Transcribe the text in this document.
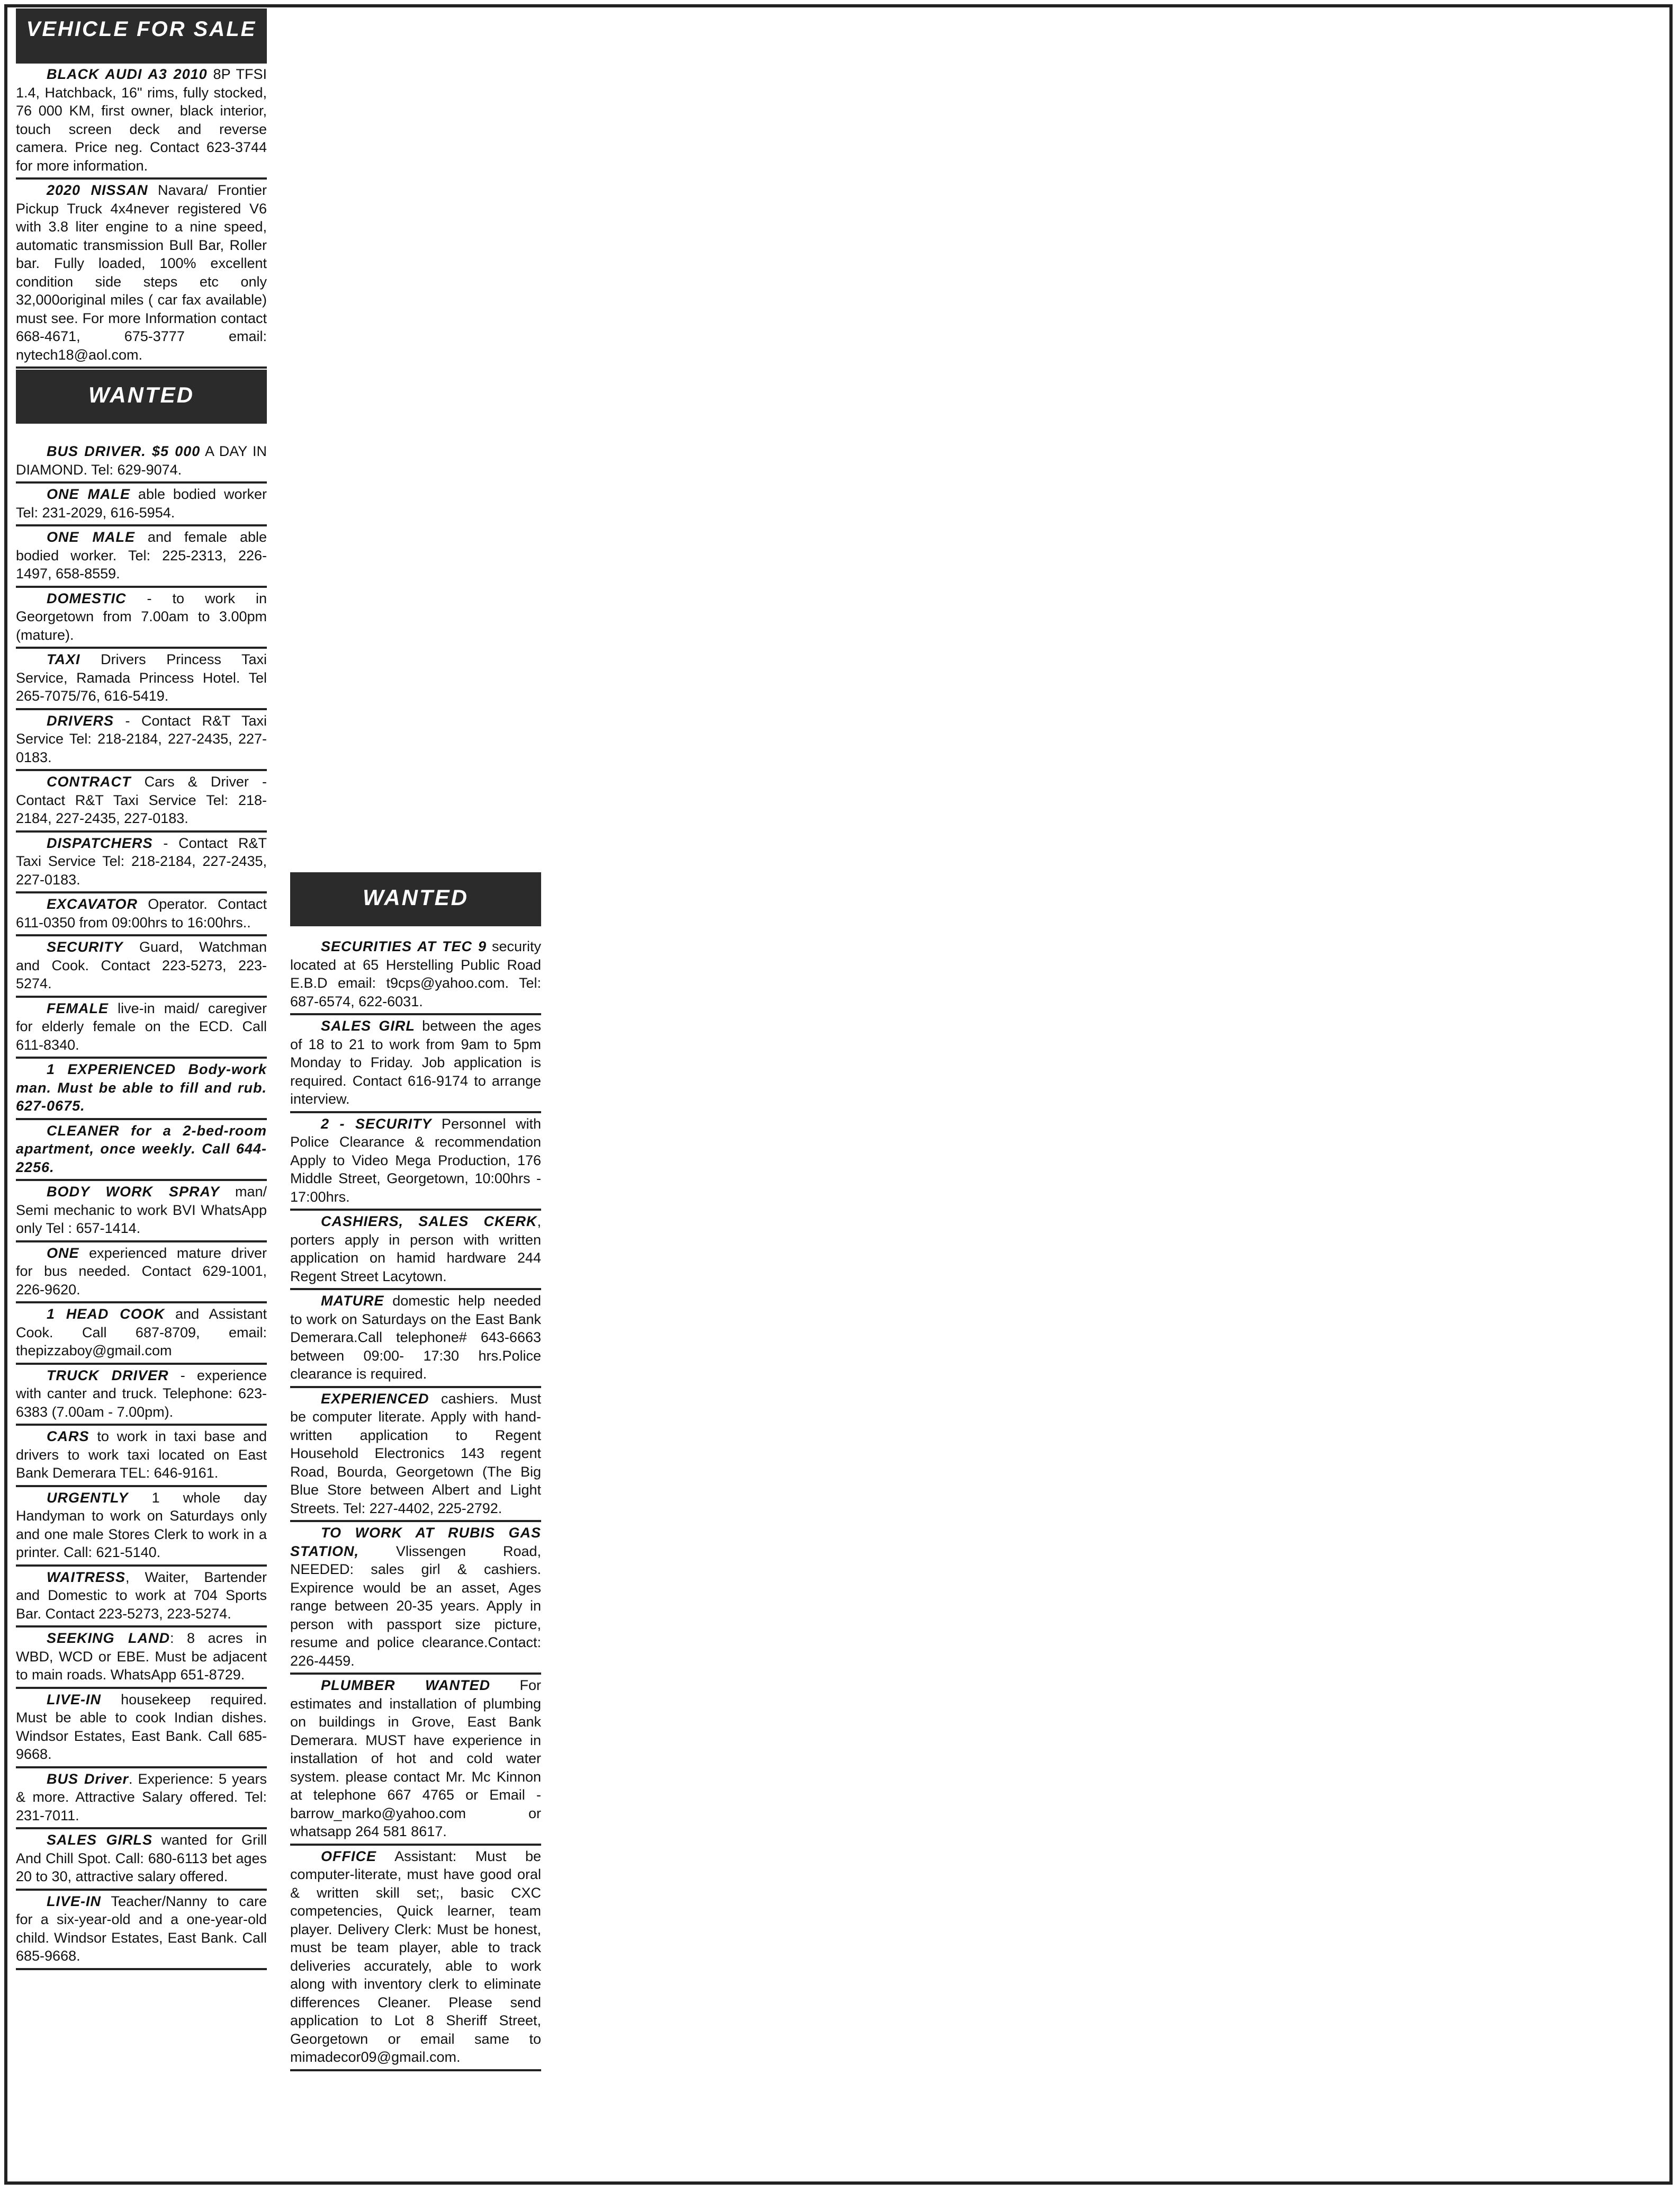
VEHICLE FOR SALE
BLACK AUDI A3 2010 8P TFSI 1.4, Hatchback, 16" rims, fully stocked, 76 000 KM, first owner, black interior, touch screen deck and reverse camera. Price neg. Contact 623-3744 for more information.
2020 NISSAN Navara/ Frontier Pickup Truck 4x4never registered V6 with 3.8 liter engine to a nine speed, automatic transmission Bull Bar, Roller bar. Fully loaded, 100% excellent condition side steps etc only 32,000original miles ( car fax available) must see. For more Information contact 668-4671, 675-3777 email: nytech18@aol.com.
WANTED
BUS DRIVER. $5 000 A DAY IN DIAMOND. Tel: 629-9074.
ONE MALE able bodied worker Tel: 231-2029, 616-5954.
ONE MALE and female able bodied worker. Tel: 225-2313, 226-1497, 658-8559.
DOMESTIC - to work in Georgetown from 7.00am to 3.00pm (mature).
TAXI Drivers Princess Taxi Service, Ramada Princess Hotel. Tel 265-7075/76, 616-5419.
DRIVERS - Contact R&T Taxi Service Tel: 218-2184, 227-2435, 227-0183.
CONTRACT Cars & Driver - Contact R&T Taxi Service Tel: 218-2184, 227-2435, 227-0183.
DISPATCHERS - Contact R&T Taxi Service Tel: 218-2184, 227-2435, 227-0183.
EXCAVATOR Operator. Contact 611-0350 from 09:00hrs to 16:00hrs..
SECURITY Guard, Watchman and Cook. Contact 223-5273, 223-5274.
FEMALE live-in maid/ caregiver for elderly female on the ECD. Call 611-8340.
1 EXPERIENCED Body-work man. Must be able to fill and rub. 627-0675.
CLEANER for a 2-bed-room apartment, once weekly. Call 644-2256.
BODY WORK SPRAY man/ Semi mechanic to work BVI WhatsApp only Tel : 657-1414.
ONE experienced mature driver for bus needed. Contact 629-1001, 226-9620.
1 HEAD COOK and Assistant Cook. Call 687-8709, email: thepizzaboy@gmail.com
TRUCK DRIVER - experience with canter and truck. Telephone: 623-6383 (7.00am - 7.00pm).
CARS to work in taxi base and drivers to work taxi located on East Bank Demerara TEL: 646-9161.
URGENTLY 1 whole day Handyman to work on Saturdays only and one male Stores Clerk to work in a printer. Call: 621-5140.
WAITRESS, Waiter, Bartender and Domestic to work at 704 Sports Bar. Contact 223-5273, 223-5274.
SEEKING LAND: 8 acres in WBD, WCD or EBE. Must be adjacent to main roads. WhatsApp 651-8729.
LIVE-IN housekeep required. Must be able to cook Indian dishes. Windsor Estates, East Bank. Call 685-9668.
BUS Driver. Experience: 5 years & more. Attractive Salary offered. Tel: 231-7011.
SALES GIRLS wanted for Grill And Chill Spot. Call: 680-6113 bet ages 20 to 30, attractive salary offered.
LIVE-IN Teacher/Nanny to care for a six-year-old and a one-year-old child. Windsor Estates, East Bank. Call 685-9668.
WANTED
SECURITIES AT TEC 9 security located at 65 Herstelling Public Road E.B.D email: t9cps@yahoo.com. Tel: 687-6574, 622-6031.
SALES GIRL between the ages of 18 to 21 to work from 9am to 5pm Monday to Friday. Job application is required. Contact 616-9174 to arrange interview.
2 - SECURITY Personnel with Police Clearance & recommendation Apply to Video Mega Production, 176 Middle Street, Georgetown, 10:00hrs - 17:00hrs.
CASHIERS, SALES CKERK, porters apply in person with written application on hamid hardware 244 Regent Street Lacytown.
MATURE domestic help needed to work on Saturdays on the East Bank Demerara.Call telephone# 643-6663 between 09:00- 17:30 hrs.Police clearance is required.
EXPERIENCED cashiers. Must be computer literate. Apply with hand-written application to Regent Household Electronics 143 regent Road, Bourda, Georgetown (The Big Blue Store between Albert and Light Streets. Tel: 227-4402, 225-2792.
TO WORK AT RUBIS GAS STATION, Vlissengen Road, NEEDED: sales girl & cashiers. Expirence would be an asset, Ages range between 20-35 years. Apply in person with passport size picture, resume and police clearance.Contact: 226-4459.
PLUMBER WANTED For estimates and installation of plumbing on buildings in Grove, East Bank Demerara. MUST have experience in installation of hot and cold water system. please contact Mr. Mc Kinnon at telephone 667 4765 or Email - barrow_marko@yahoo.com or whatsapp 264 581 8617.
OFFICE Assistant: Must be computer-literate, must have good oral & written skill set;, basic CXC competencies, Quick learner, team player. Delivery Clerk: Must be honest, must be team player, able to track deliveries accurately, able to work along with inventory clerk to eliminate differences Cleaner. Please send application to Lot 8 Sheriff Street, Georgetown or email same to mimadecor09@gmail.com.
